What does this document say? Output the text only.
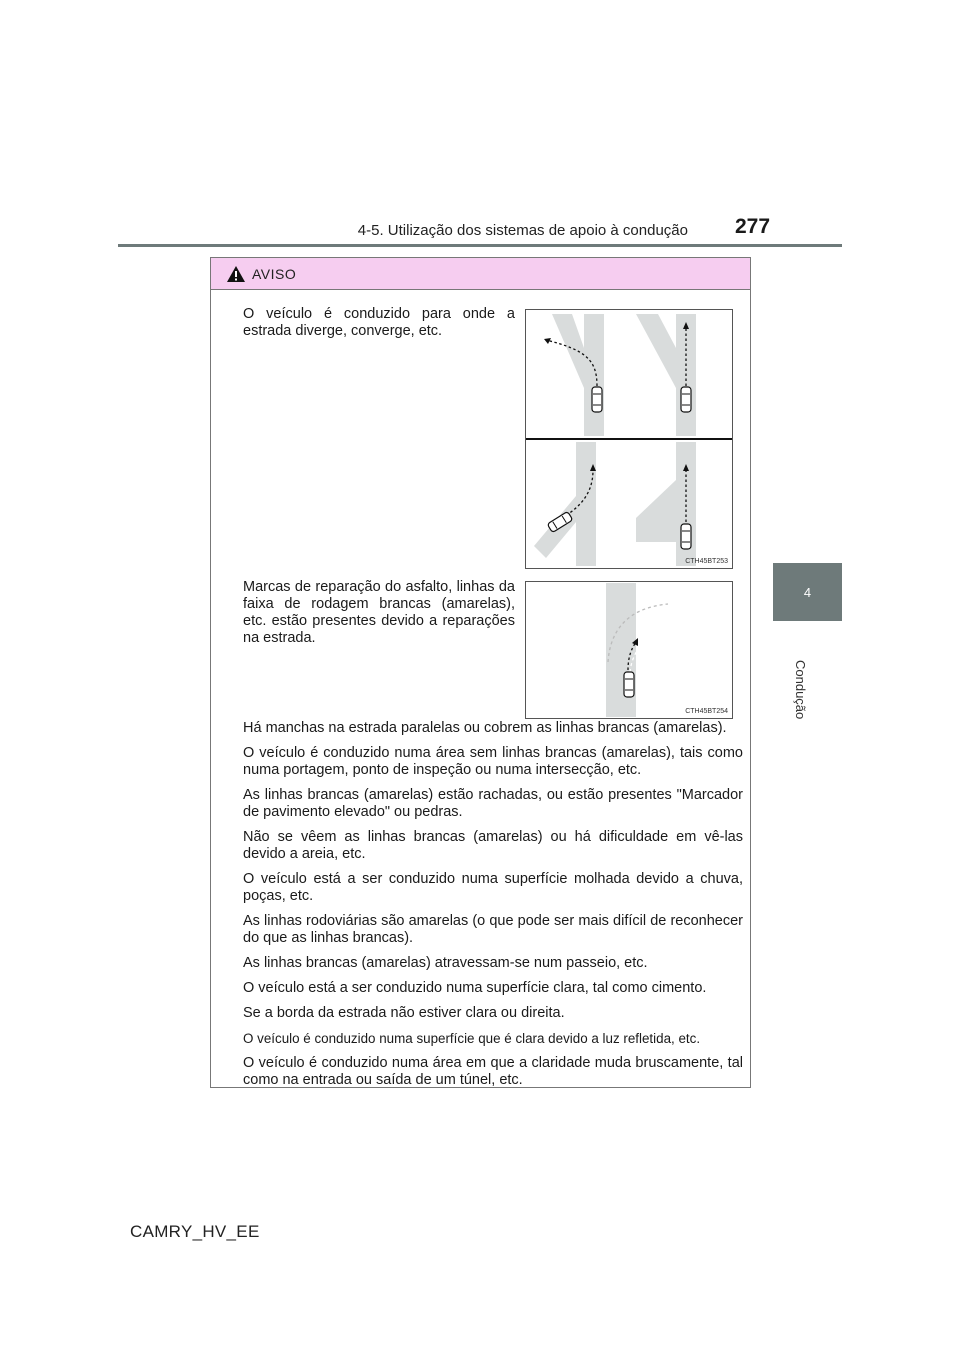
4-5. Utilização dos sistemas de apoio à condução 277
4
Condução
AVISO
O veículo é conduzido para onde a estrada diverge, converge, etc.
CTH45BT253
Marcas de reparação do asfalto, linhas da faixa de rodagem brancas (amarelas), etc. estão presentes devido a reparações na estrada.
CTH45BT254
Há manchas na estrada paralelas ou cobrem as linhas brancas (amarelas).
O veículo é conduzido numa área sem linhas brancas (amarelas), tais como numa portagem, ponto de inspeção ou numa intersecção, etc.
As linhas brancas (amarelas) estão rachadas, ou estão presentes "Marcador de pavimento elevado" ou pedras.
Não se vêem as linhas brancas (amarelas) ou há dificuldade em vê-las devido a areia, etc.
O veículo está a ser conduzido numa superfície molhada devido a chuva, poças, etc.
As linhas rodoviárias são amarelas (o que pode ser mais difícil de reconhecer do que as linhas brancas).
As linhas brancas (amarelas) atravessam-se num passeio, etc.
O veículo está a ser conduzido numa superfície clara, tal como cimento.
Se a borda da estrada não estiver clara ou direita.
O veículo é conduzido numa superfície que é clara devido a luz refletida, etc.
O veículo é conduzido numa área em que a claridade muda bruscamente, tal como na entrada ou saída de um túnel, etc.
CAMRY_HV_EE
